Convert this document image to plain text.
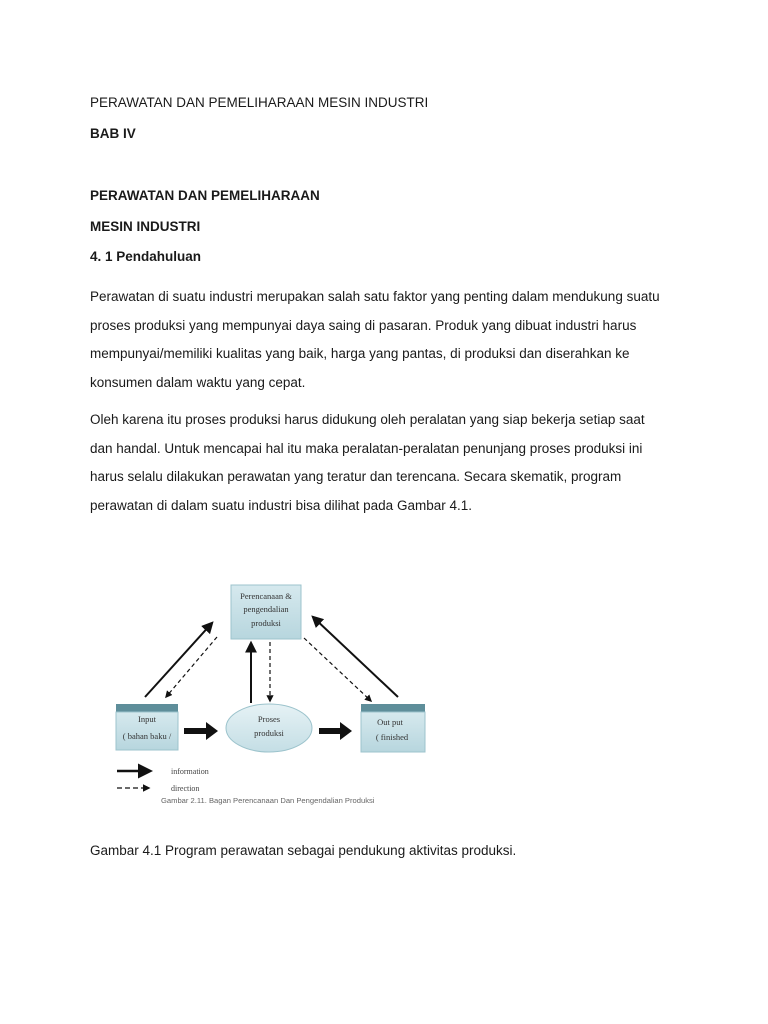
PERAWATAN DAN PEMELIHARAAN MESIN INDUSTRI
BAB IV
PERAWATAN DAN PEMELIHARAAN
MESIN INDUSTRI
4. 1 Pendahuluan
Perawatan di suatu industri merupakan salah satu faktor yang penting dalam mendukung suatu
proses produksi yang mempunyai daya saing di pasaran. Produk yang dibuat industri harus
mempunyai/memiliki kualitas yang baik, harga yang pantas, di produksi dan diserahkan ke
konsumen dalam waktu yang cepat.
Oleh karena itu proses produksi harus didukung oleh peralatan yang siap bekerja setiap saat
dan handal. Untuk mencapai hal itu maka peralatan-peralatan penunjang proses produksi ini
harus selalu dilakukan perawatan yang teratur dan terencana. Secara skematik, program
perawatan di dalam suatu industri bisa dilihat pada Gambar 4.1.
Perencanaan &
pengendalian
produksi
Input
( bahan baku /
Proses
produksi
Out put
( finished
information
direction
Gambar 2.11. Bagan Perencanaan Dan Pengendalian Produksi
Gambar 4.1 Program perawatan sebagai pendukung aktivitas produksi.
